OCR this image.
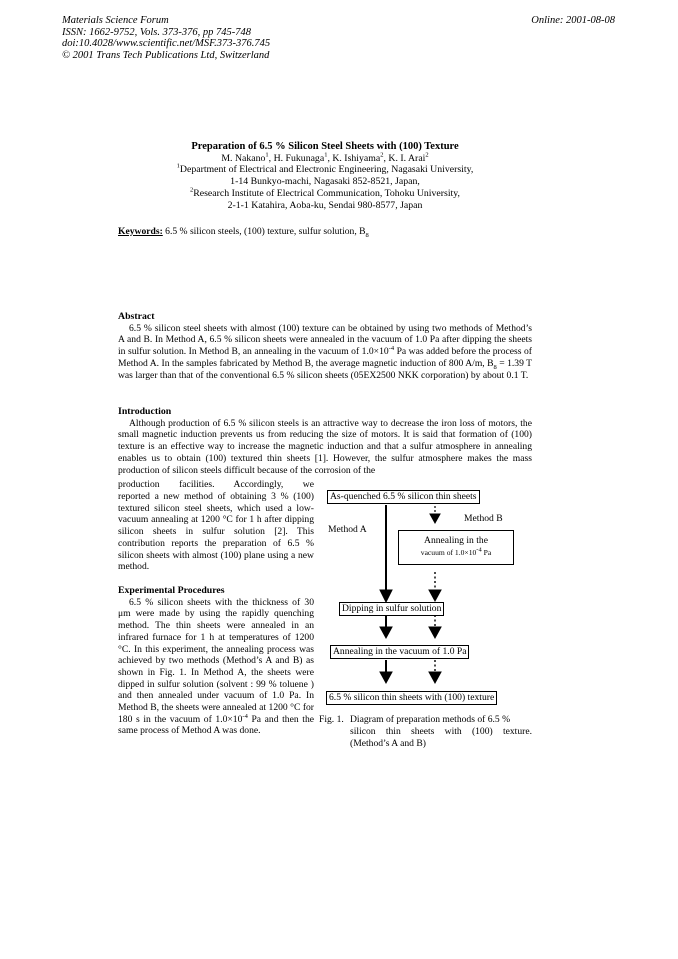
Materials Science Forum
ISSN: 1662-9752, Vols. 373-376, pp 745-748
doi:10.4028/www.scientific.net/MSF.373-376.745
© 2001 Trans Tech Publications Ltd, Switzerland
Online: 2001-08-08
Preparation of 6.5 % Silicon Steel Sheets with (100) Texture
M. Nakano$^1$, H. Fukunaga$^1$, K. Ishiyama$^2$, K. I. Arai$^2$
$^1$Department of Electrical and Electronic Engineering, Nagasaki University,
1-14 Bunkyo-machi, Nagasaki 852-8521, Japan,
$^2$Research Institute of Electrical Communication, Tohoku University,
2-1-1 Katahira, Aoba-ku, Sendai 980-8577, Japan
Keywords: 6.5 % silicon steels, (100) texture, sulfur solution, $B_8$
Abstract

6.5 % silicon steel sheets with almost (100) texture can be obtained by using two methods of Method’s A and B. In Method A, 6.5 % silicon sheets were annealed in the vacuum of 1.0 Pa after dipping the sheets in sulfur solution. In Method B, an annealing in the vacuum of $1.0\times 10^{-4}$ Pa was added before the process of Method A. In the samples fabricated by Method B, the average magnetic induction of 800 A/m, $B_8 = 1.39$ T was larger than that of the conventional 6.5 % silicon sheets (05EX2500 NKK corporation) by about 0.1 T.

Introduction

Although production of 6.5 % silicon steels is an attractive way to decrease the iron loss of motors, the small magnetic induction prevents us from reducing the size of motors. It is said that formation of (100) texture is an effective way to increase the magnetic induction and that a sulfur atmosphere in annealing enables us to obtain (100) textured thin sheets [1]. However, the sulfur atmosphere makes the mass production of silicon steels difficult because of the corrosion of the

production facilities. Accordingly, we
reported a new method of obtaining 3 % (100) textured silicon steel sheets, which used a low-vacuum annealing at 1200 °C for 1 h after dipping silicon sheets in sulfur solution [2]. This contribution reports the preparation of 6.5 % silicon sheets with almost (100) plane using a new method.
Experimental Procedures

6.5 % silicon sheets with the thickness of 30 μm were made by using the rapidly quenching method. The thin sheets were annealed in an infrared furnace for 1 h at temperatures of 1200 °C. In this experiment, the annealing process was achieved by two methods (Method’s A and B) as shown in Fig. 1. In Method A, the sheets were dipped in sulfur solution (solvent : 99 % toluene ) and then annealed under vacuum of 1.0 Pa. In Method B, the sheets were annealed at 1200 °C for 180 s in the vacuum of $1.0\times 10^{-4}$ Pa and then the same process of Method A was done.

As-quenched 6.5 % silicon thin sheets
Method A
Method B
Annealing in the
vacuum of $1.0\times 10^{-4}$ Pa
Dipping in sulfur solution
Annealing in the vacuum of 1.0 Pa
6.5 % silicon thin sheets with (100) texture
Fig. 1. Diagram of preparation methods of 6.5 %
silicon thin sheets with (100) texture.
(Method’s A and B)
